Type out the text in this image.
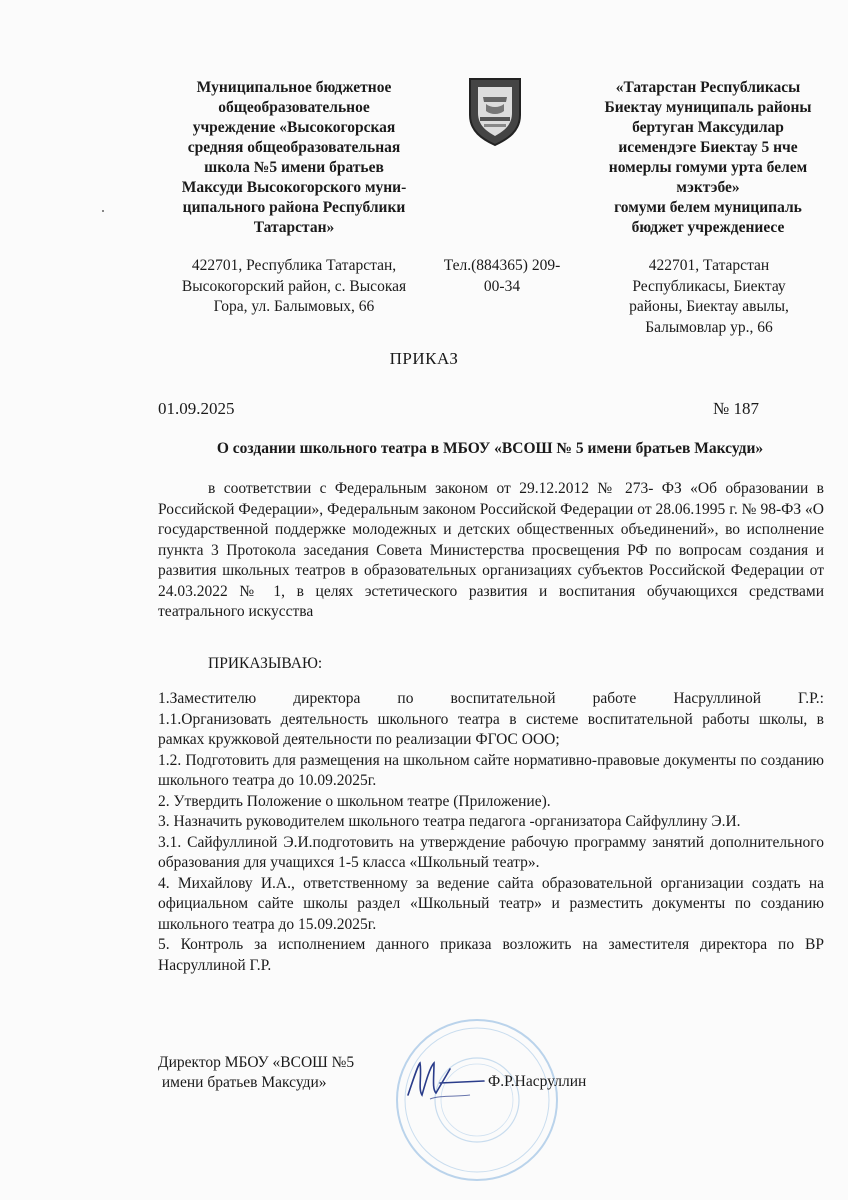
Муниципальное бюджетное
общеобразовательное
учреждение «Высокогорская
средняя общеобразовательная
школа №5 имени братьев
Максуди Высокогорского муни-
ципального района Республики
Татарстан»
«Татарстан Республикасы
Биектау муниципаль районы
бертуган Максудилар
исемендэге Биектау 5 нче
номерлы гомуми урта белем
мэктэбе»
гомуми белем муниципаль
бюджет учреждениесе
422701, Республика Татарстан,
Высокогорский район, с. Высокая
Гора, ул. Балымовых, 66
Тел.(884365) 209-
00-34
422701, Татарстан
Республикасы, Биектау
районы, Биектау авылы,
Балымовлар ур., 66
ПРИКАЗ
01.09.2025	№ 187
О создании школьного театра в МБОУ «ВСОШ № 5 имени братьев Максуди»
в соответствии с Федеральным законом от 29.12.2012 № 273- ФЗ «Об образовании в Российской Федерации», Федеральным законом Российской Федерации от 28.06.1995 г. № 98-ФЗ «О государственной поддержке молодежных и детских общественных объединений», во исполнение пункта 3 Протокола заседания Совета Министерства просвещения РФ по вопросам создания и развития школьных театров в образовательных организациях субъектов Российской Федерации от 24.03.2022 № 1, в целях эстетического развития и воспитания обучающихся средствами театрального искусства
ПРИКАЗЫВАЮ:
1.Заместителю директора по воспитательной работе Насруллиной Г.Р.:
1.1.Организовать деятельность школьного театра в системе воспитательной работы школы, в рамках кружковой деятельности по реализации ФГОС ООО;
1.2. Подготовить для размещения на школьном сайте нормативно-правовые документы по созданию школьного театра до 10.09.2025г.
2. Утвердить Положение о школьном театре (Приложение).
3. Назначить руководителем школьного театра педагога -организатора Сайфуллину Э.И.
3.1. Сайфуллиной Э.И.подготовить на утверждение рабочую программу занятий дополнительного образования для учащихся 1-5 класса «Школьный театр».
4. Михайлову И.А., ответственному за ведение сайта образовательной организации создать на официальном сайте школы раздел «Школьный театр» и разместить документы по созданию школьного театра до 15.09.2025г.
5. Контроль за исполнением данного приказа возложить на заместителя директора по ВР Насруллиной Г.Р.
Директор МБОУ «ВСОШ №5
имени братьев Максуди»	Ф.Р.Насруллин
